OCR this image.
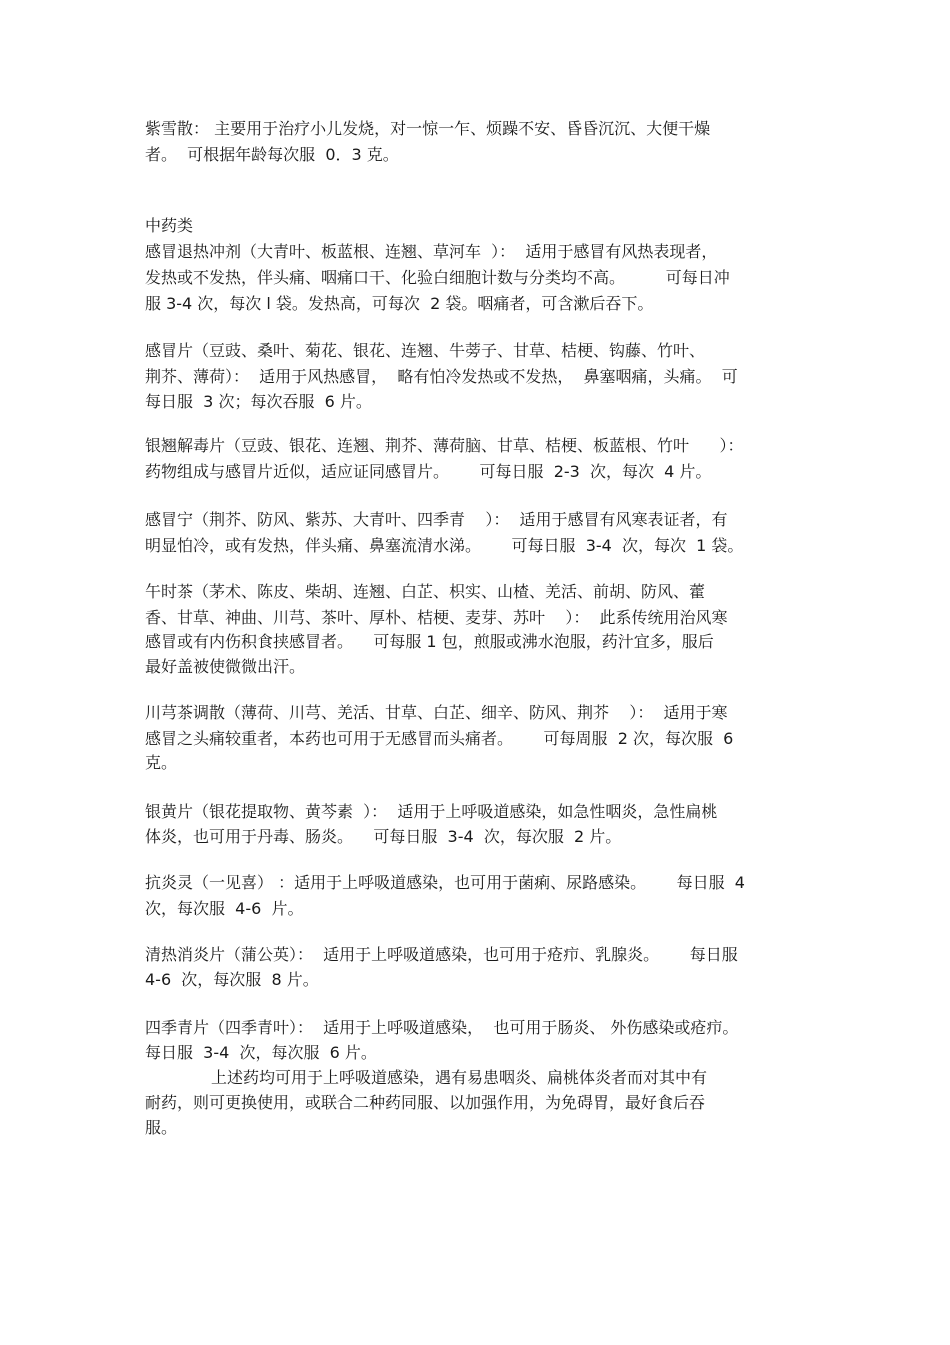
紫雪散： 主要用于治疗小儿发烧，对一惊一乍、烦躁不安、昏昏沉沉、大便干燥
者。  可根据年龄每次服  0．3 克。
中药类
感冒退热冲剂（大青叶、板蓝根、连翘、草河车  ）：  适用于感冒有风热表现者，
发热或不发热，伴头痛、咽痛口干、化验白细胞计数与分类均不高。        可每日冲
服 3-4 次，每次 l 袋。发热高，可每次  2 袋。咽痛者，可含漱后吞下。
感冒片（豆豉、桑叶、菊花、银花、连翘、牛蒡子、甘草、桔梗、钩藤、竹叶、
荆芥、薄荷）：  适用于风热感冒，  略有怕冷发热或不发热，  鼻塞咽痛，头痛。  可
每日服  3 次；每次吞服  6 片。
银翘解毒片（豆豉、银花、连翘、荆芥、薄荷脑、甘草、桔梗、板蓝根、竹叶      ）：
药物组成与感冒片近似，适应证同感冒片。      可每日服  2-3  次，每次  4 片。
感冒宁（荆芥、防风、紫苏、大青叶、四季青    ）：  适用于感冒有风寒表证者，有
明显怕冷，或有发热，伴头痛、鼻塞流清水涕。      可每日服  3-4  次，每次  1 袋。
午时茶（茅术、陈皮、柴胡、连翘、白芷、枳实、山楂、羌活、前胡、防风、藿
香、甘草、神曲、川芎、茶叶、厚朴、桔梗、麦芽、苏叶    ）：  此系传统用治风寒
感冒或有内伤积食挟感冒者。    可每服 1 包，煎服或沸水泡服，药汁宜多，服后
最好盖被使微微出汗。
川芎茶调散（薄荷、川芎、羌活、甘草、白芷、细辛、防风、荆芥    ）：  适用于寒
感冒之头痛较重者，本药也可用于无感冒而头痛者。      可每周服  2 次，每次服  6
克。
银黄片（银花提取物、黄芩素  ）：  适用于上呼吸道感染，如急性咽炎，急性扁桃
体炎，也可用于丹毒、肠炎。    可每日服  3-4  次，每次服  2 片。
抗炎灵（一见喜） ：适用于上呼吸道感染，也可用于菌痢、尿路感染。      每日服  4
次，每次服  4-6  片。
清热消炎片（蒲公英）：  适用于上呼吸道感染，也可用于疮疖、乳腺炎。      每日服
4-6  次，每次服  8 片。
四季青片（四季青叶）：  适用于上呼吸道感染，  也可用于肠炎、 外伤感染或疮疖。
每日服  3-4  次，每次服  6 片。
上述药均可用于上呼吸道感染，遇有易患咽炎、扁桃体炎者而对其中有
耐药，则可更换使用，或联合二种药同服、以加强作用，为免碍胃，最好食后吞
服。
